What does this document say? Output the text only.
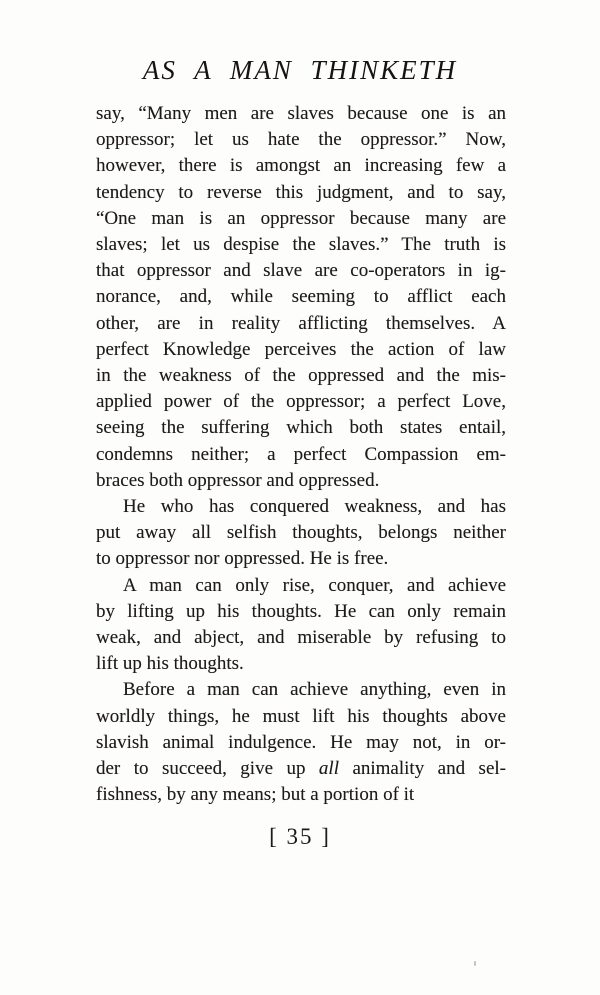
AS A MAN THINKETH
say, “Many men are slaves because one is an
oppressor; let us hate the oppressor.” Now,
however, there is amongst an increasing few a
tendency to reverse this judgment, and to say,
“One man is an oppressor because many are
slaves; let us despise the slaves.” The truth is
that oppressor and slave are co-operators in ig-
norance, and, while seeming to afflict each
other, are in reality afflicting themselves. A
perfect Knowledge perceives the action of law
in the weakness of the oppressed and the mis-
applied power of the oppressor; a perfect Love,
seeing the suffering which both states entail,
condemns neither; a perfect Compassion em-
braces both oppressor and oppressed.
He who has conquered weakness, and has
put away all selfish thoughts, belongs neither
to oppressor nor oppressed. He is free.
A man can only rise, conquer, and achieve
by lifting up his thoughts. He can only remain
weak, and abject, and miserable by refusing to
lift up his thoughts.
Before a man can achieve anything, even in
worldly things, he must lift his thoughts above
slavish animal indulgence. He may not, in or-
der to succeed, give up all animality and sel-
fishness, by any means; but a portion of it
[ 35 ]
